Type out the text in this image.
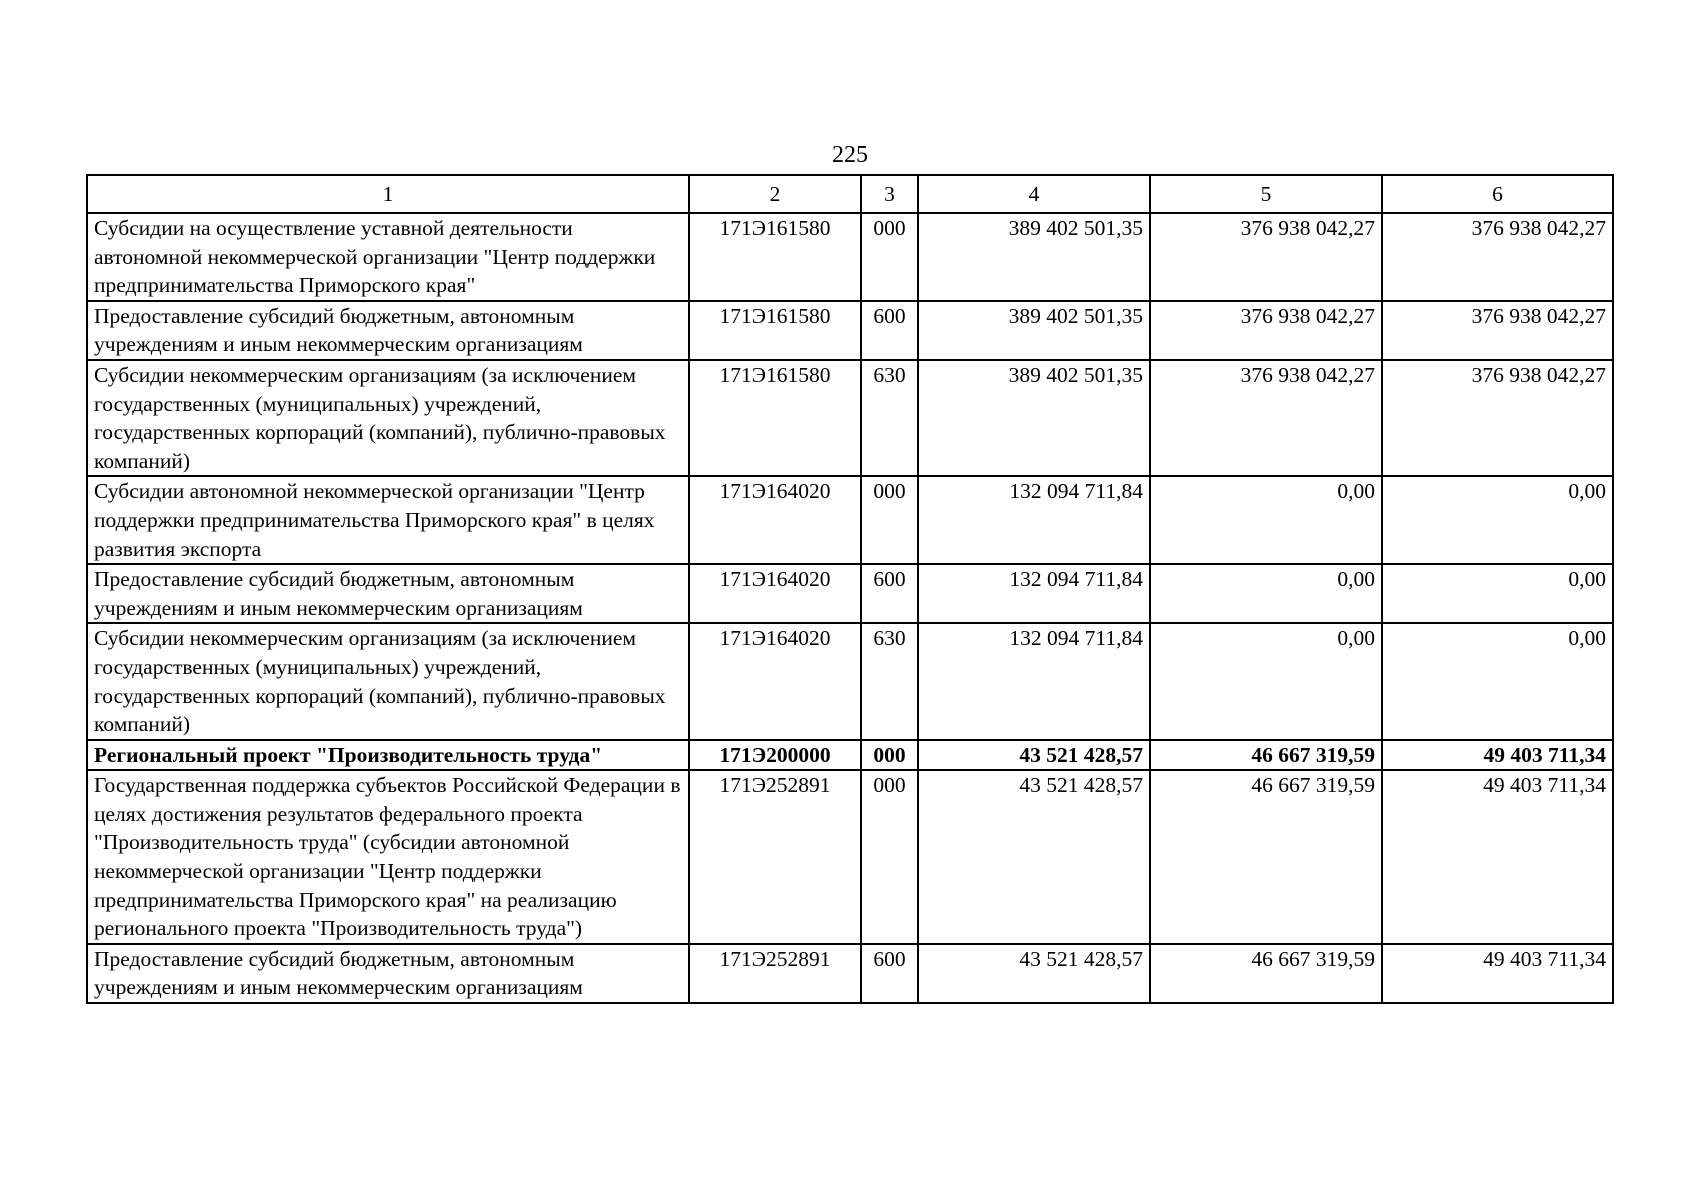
225
1	2	3	4	5	6
Субсидии на осуществление уставной деятельности автономной некоммерческой организации "Центр поддержки предпринимательства Приморского края"	171Э161580	000	389 402 501,35	376 938 042,27	376 938 042,27
Предоставление субсидий бюджетным, автономным учреждениям и иным некоммерческим организациям	171Э161580	600	389 402 501,35	376 938 042,27	376 938 042,27
Субсидии некоммерческим организациям (за исключением государственных (муниципальных) учреждений, государственных корпораций (компаний), публично-правовых компаний)	171Э161580	630	389 402 501,35	376 938 042,27	376 938 042,27
Субсидии автономной некоммерческой организации "Центр поддержки предпринимательства Приморского края" в целях развития экспорта	171Э164020	000	132 094 711,84	0,00	0,00
Предоставление субсидий бюджетным, автономным учреждениям и иным некоммерческим организациям	171Э164020	600	132 094 711,84	0,00	0,00
Субсидии некоммерческим организациям (за исключением государственных (муниципальных) учреждений, государственных корпораций (компаний), публично-правовых компаний)	171Э164020	630	132 094 711,84	0,00	0,00
Региональный проект "Производительность труда"	171Э200000	000	43 521 428,57	46 667 319,59	49 403 711,34
Государственная поддержка субъектов Российской Федерации в целях достижения результатов федерального проекта "Производительность труда" (субсидии автономной некоммерческой организации "Центр поддержки предпринимательства Приморского края" на реализацию регионального проекта "Производительность труда")	171Э252891	000	43 521 428,57	46 667 319,59	49 403 711,34
Предоставление субсидий бюджетным, автономным учреждениям и иным некоммерческим организациям	171Э252891	600	43 521 428,57	46 667 319,59	49 403 711,34
